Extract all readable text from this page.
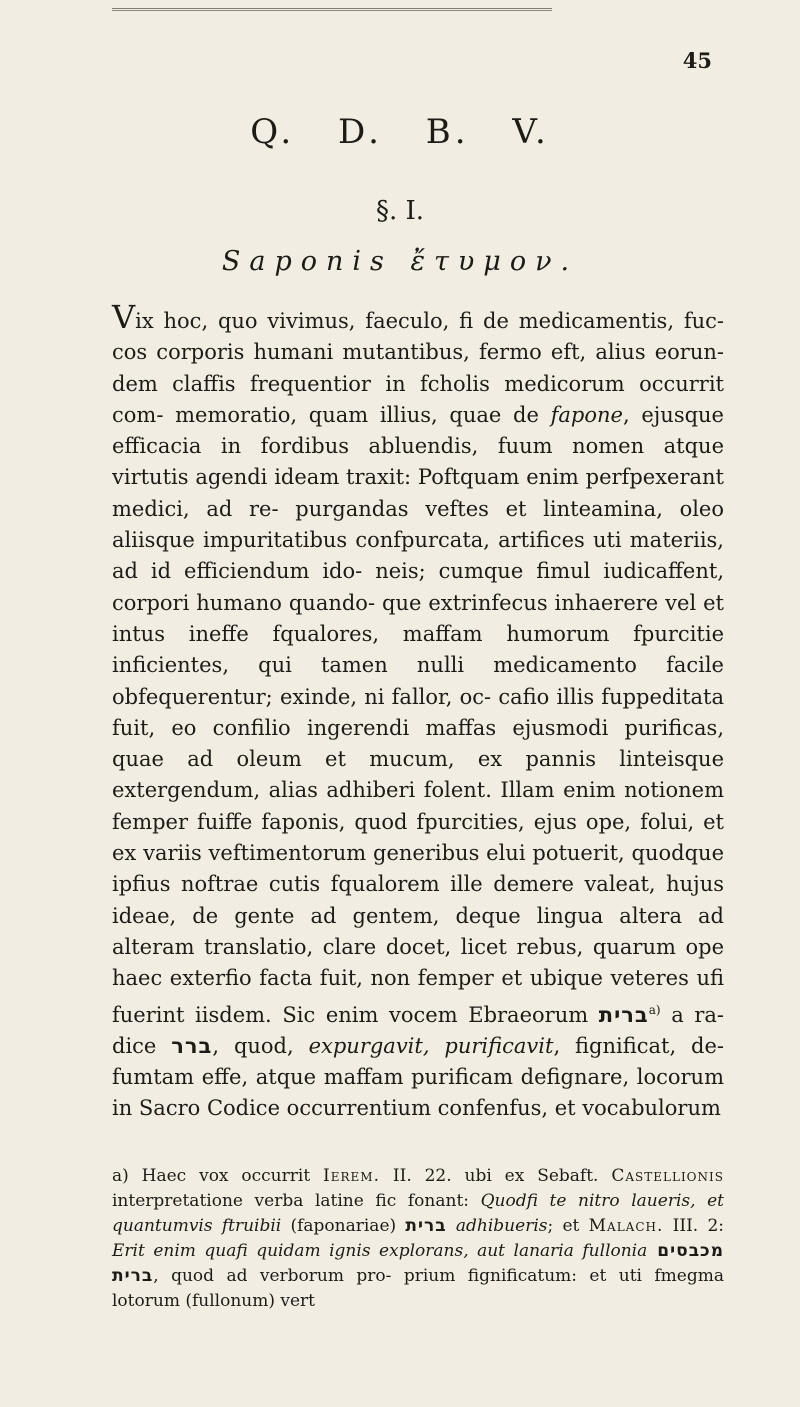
45
Q. D. B. V.
§. I.
Saponis ἔτυμον.
Vix hoc, quo vivimus, faeculo, fi de medicamentis, fuc- cos corporis humani mutantibus, fermo eft, alius eorun- dem claffis frequentior in fcholis medicorum occurrit com- memoratio, quam illius, quae de fapone, ejusque efficacia in fordibus abluendis, fuum nomen atque virtutis agendi ideam traxit: Poftquam enim perfpexerant medici, ad re- purgandas veftes et linteamina, oleo aliisque impuritatibus confpurcata, artifices uti materiis, ad id efficiendum ido- neis; cumque fimul iudicaffent, corpori humano quando- que extrinfecus inhaerere vel et intus ineffe fqualores, maffam humorum fpurcitie inficientes, qui tamen nulli medicamento facile obfequerentur; exinde, ni fallor, oc- cafio illis fuppeditata fuit, eo confilio ingerendi maffas ejusmodi purificas, quae ad oleum et mucum, ex pannis linteisque extergendum, alias adhiberi folent. Illam enim notionem femper fuiffe faponis, quod fpurcities, ejus ope, folui, et ex variis veftimentorum generibus elui potuerit, quodque ipfius noftrae cutis fqualorem ille demere valeat, hujus ideae, de gente ad gentem, deque lingua altera ad alteram translatio, clare docet, licet rebus, quarum ope haec exterfio facta fuit, non femper et ubique veteres ufi fuerint iisdem. Sic enim vocem Ebraeorum ברית$^{a)}$ a ra- dice ברר, quod, expurgavit, purificavit, fignificat, de- fumtam effe, atque maffam purificam defignare, locorum in Sacro Codice occurrentium confenfus, et vocabulorum
a) Haec vox occurrit Ierem. II. 22. ubi ex Sebaft. Castellionis interpretatione verba latine fic fonant: Quodfi te nitro laueris, et quantumvis ftruibii (faponariae) ברית adhibueris; et Malach. III. 2: Erit enim quafi quidam ignis explorans, aut lanaria fullonia מכבסים ברית, quod ad verborum pro- prium fignificatum: et uti fmegma lotorum (fullonum) vert
